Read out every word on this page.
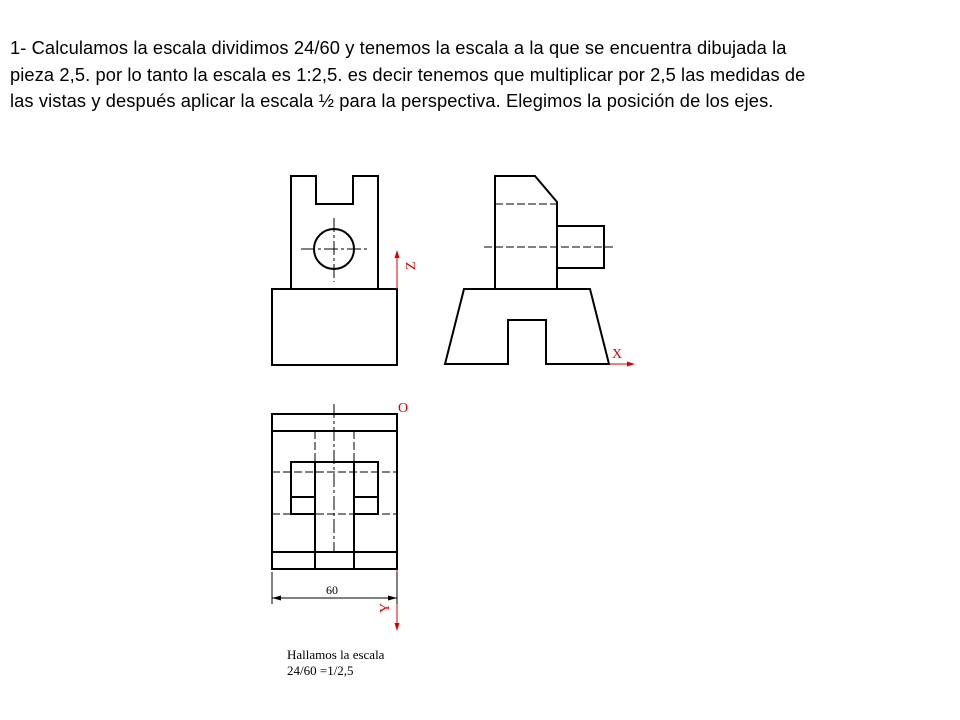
1- Calculamos la escala dividimos 24/60 y tenemos la escala a la que se encuentra dibujada la
pieza 2,5. por lo tanto la escala es 1:2,5. es decir tenemos que multiplicar por 2,5 las medidas de
las vistas y después aplicar la escala ½ para la perspectiva. Elegimos la posición de los ejes.

Z
X
O
Y
60
Hallamos la escala
24/60 =1/2,5
